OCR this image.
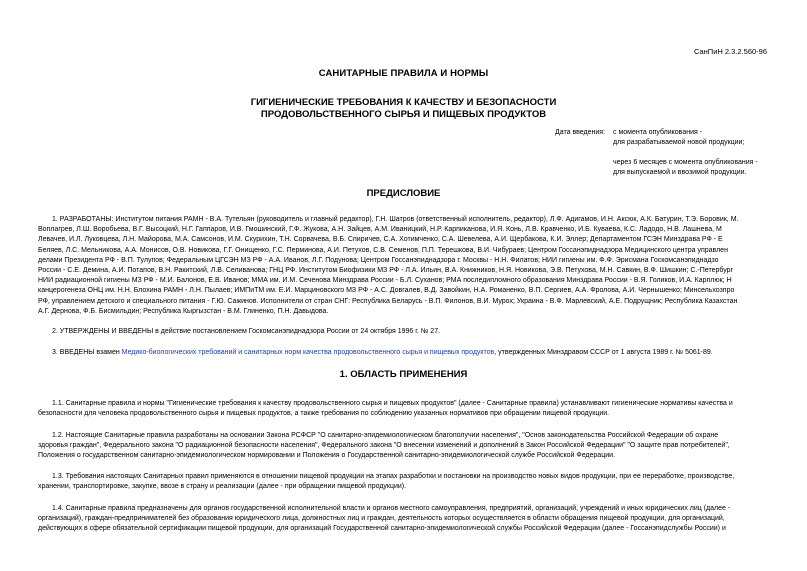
СанПиН 2.3.2.560-96
САНИТАРНЫЕ ПРАВИЛА И НОРМЫ
ГИГИЕНИЧЕСКИЕ ТРЕБОВАНИЯ К КАЧЕСТВУ И БЕЗОПАСНОСТИ
ПРОДОВОЛЬСТВЕННОГО СЫРЬЯ И ПИЩЕВЫХ ПРОДУКТОВ
Дата введения:	с момента опубликования -
для разрабатываемой новой продукции;
через 6 месяцев с момента опубликования -
для выпускаемой и ввозимой продукции.
ПРЕДИСЛОВИЕ
1. РАЗРАБОТАНЫ: Институтом питания РАМН - В.А. Тутельян (руководитель и главный редактор), Г.Н. Шатров (ответственный исполнитель, редактор), Л.Ф. Адигамов, И.Н. Аксюк, А.К. Батурин, Т.Э. Боровик, М.
Воплагрев, Л.Ш. Воробьева, В.Г. Высоцкий, Н.Г. Гаппаров, И.В. Гмошинский, Г.Ф. Жукова, А.Н. Зайцев, А.М. Иваницкий, Н.Р. Карпиканова, И.Я. Конь, Л.В. Кравченко, И.Б. Куваева, К.С. Ладодо, Н.В. Лашнева, М
Левачев, И.Л. Луковцева, Л.Н. Майорова, М.А. Самсонов, И.М. Скурихин, Т.Н. Сорвачева, В.Б. Спиричев, С.А. Хотимченко, С.А. Шевелева, А.И. Щербакова, К.И. Эллер; Департаментом ГСЭН Минздрава РФ - Е
Беляев, Л.С. Мельникова, А.А. Монисов, О.В. Новикова, Г.Г. Онищенко, Г.С. Перминова, А.И. Петухов, С.В. Семенов, П.П. Терешкова, В.И. Чибураев; Центром Госсанэпиднадзора Медицинского центра управлен
делами Президента РФ - В.П. Тулупов; Федеральным ЦГСЭН МЗ РФ - А.А. Иванов, Л.Г. Подунова; Центром Госсанэпиднадзора г. Москвы - Н.Н. Филатов; НИИ гигиены им. Ф.Ф. Эрисмана Госкомсанэпиднадзо
России - С.Е. Демина, А.И. Потапов, В.Н. Ракитский, Л.В. Селиванова; ГНЦ РФ. Институтом Биофизики МЗ РФ - Л.А. Ильин, В.А. Книжников, Н.Я. Новикова, Э.В. Петухова, М.Н. Савкин, В.Ф. Шишкин; С.-Петербург
НИИ радиационной гигиены МЗ РФ - М.И. Балонов, Е.В. Иванов; ММА им. И.М. Сеченова Минздрава России - Б.Л. Суханов; РМА последипломного образования Минздрава России - В.Я. Голиков, И.А. Карплюк; Н
канцерогенеза ОНЦ им. Н.Н. Блохина РАМН - Л.Н. Пылаев; ИМПиТМ им. Е.И. Марциновского МЗ РФ - А.С. Довгалев, В.Д. Завойкин, Н.А. Романенко, В.П. Сергиев, А.А. Фролова, А.И. Чернышенко; Минсельхозпро
РФ, управлением детского и специального питания - Г.Ю. Сажинов. Исполнители от стран СНГ: Республика Беларусь - В.П. Филонов, В.И. Мурох; Украина - В.Ф. Марлевский, А.Е. Подрущник; Республика Казахстан
А.Г. Дернова, Ф.Б. Бисмильдин; Республика Кыргызстан - В.М. Глиненко, П.Н. Давыдова.
2. УТВЕРЖДЕНЫ И ВВЕДЕНЫ в действие постановлением Госкомсанэпиднадзора России от 24 октября 1996 г. № 27.
3. ВВЕДЕНЫ взамен Медико-биологических требований и санитарных норм качества продовольственного сырья и пищевых продуктов, утвержденных Минздравом СССР от 1 августа 1989 г. № 5061-89.
1. ОБЛАСТЬ ПРИМЕНЕНИЯ
1.1. Санитарные правила и нормы "Гигиенические требования к качеству продовольственного сырья и пищевых продуктов" (далее - Санитарные правила) устанавливают гигиенические нормативы качества и
безопасности для человека продовольственного сырья и пищевых продуктов, а также требования по соблюдению указанных нормативов при обращении пищевой продукции.
1.2. Настоящие Санитарные правила разработаны на основании Закона РСФСР "О санитарно-эпидемиологическом благополучии населения", "Основ законодательства Российской Федерации об охране
здоровья граждан", Федерального закона "О радиационной безопасности населения", Федерального закона "О внесении изменений и дополнений в Закон Российской Федерации" "О защите прав потребителей",
Положения о государственном санитарно-эпидемиологическом нормировании и Положения о Государственной санитарно-эпидемиологической службе Российской Федерации.
1.3. Требования настоящих Санитарных правил применяются в отношении пищевой продукции на этапах разработки и постановки на производство новых видов продукции, при ее переработке, производстве,
хранении, транспортировке, закупке, ввозе в страну и реализации (далее - при обращении пищевой продукции).
1.4. Санитарные правила предназначены для органов государственной исполнительной власти и органов местного самоуправления, предприятий, организаций, учреждений и иных юридических лиц (далее -
организаций), граждан-предпринимателей без образования юридического лица, должностных лиц и граждан, деятельность которых осуществляется в области обращения пищевой продукции, для организаций,
действующих в сфере обязательной сертификации пищевой продукции, для организаций Государственной санитарно-эпидемиологической службы Российской Федерации (далее - Госсанэпидслужбы России) и
